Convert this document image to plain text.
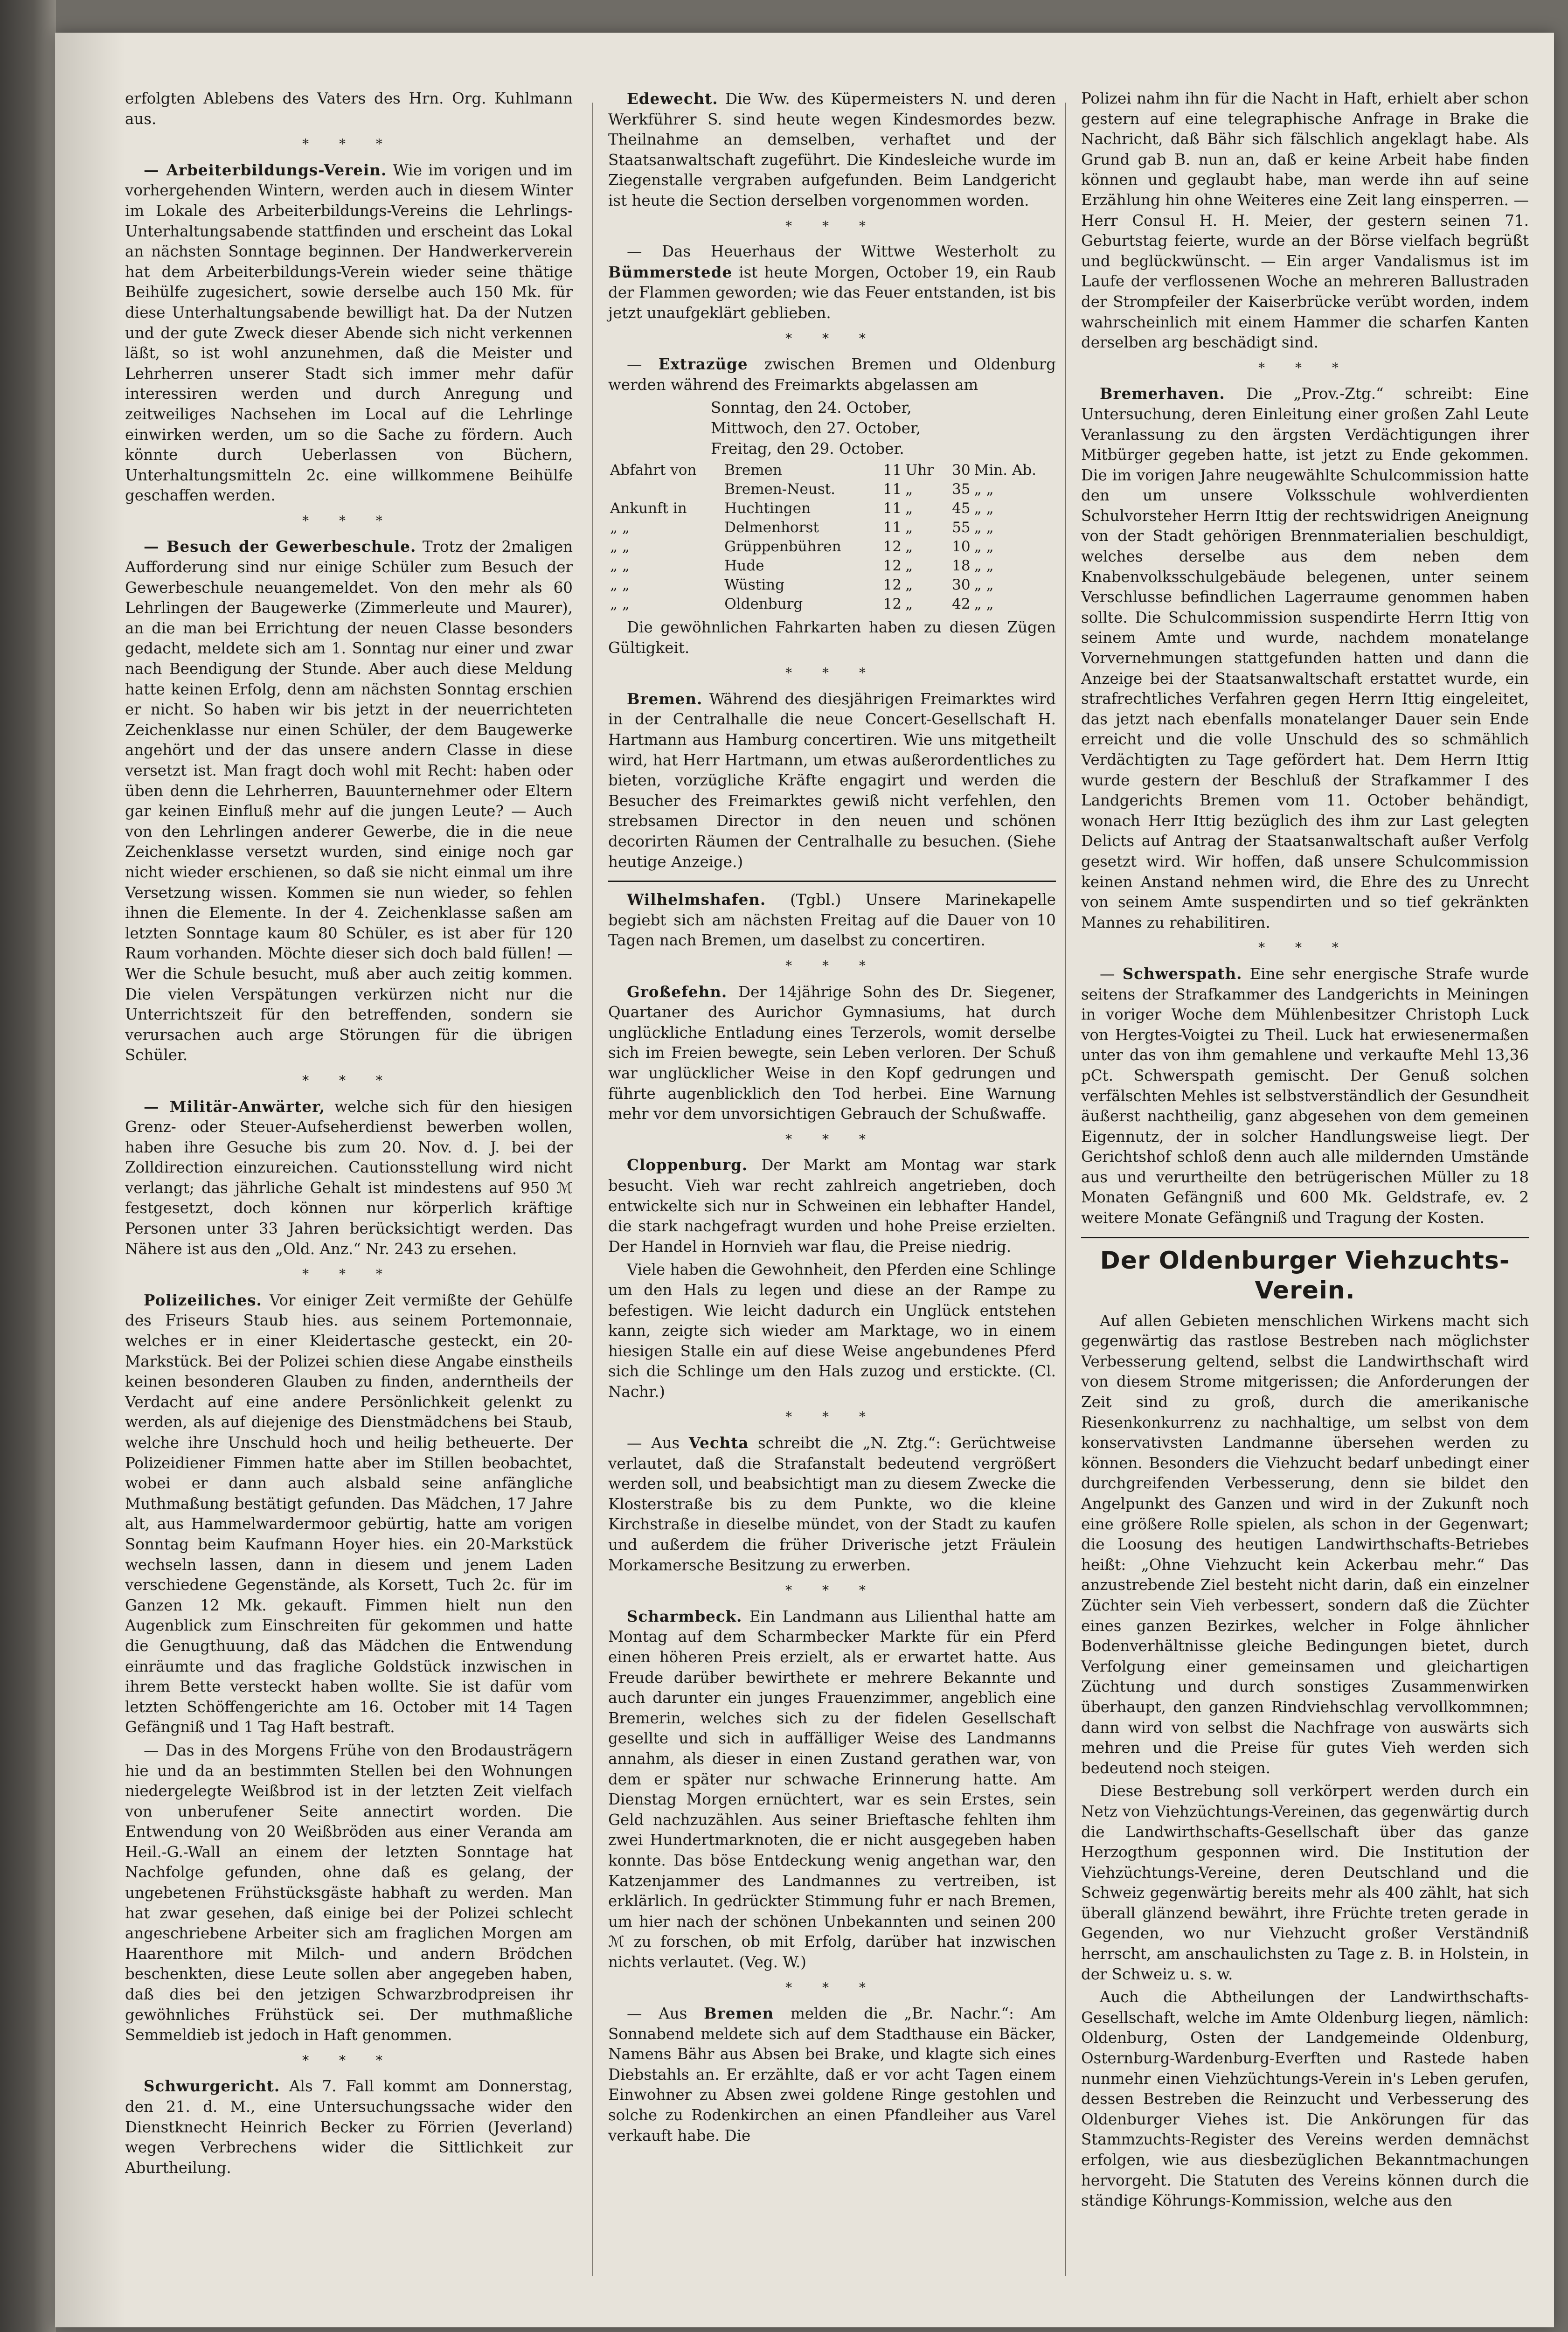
erfolgten Ablebens des Vaters des Hrn. Org. Kuhlmann aus.

* * *

— Arbeiterbildungs-Verein. Wie im vorigen und im vorhergehenden Wintern, werden auch in diesem Winter im Lokale des Arbeiterbildungs-Vereins die Lehrlings-Unterhaltungsabende stattfinden und erscheint das Lokal an nächsten Sonntage beginnen. Der Handwerkerverein hat dem Arbeiterbildungs-Verein wieder seine thätige Beihülfe zugesichert, sowie derselbe auch 150 Mk. für diese Unterhaltungsabende bewilligt hat. Da der Nutzen und der gute Zweck dieser Abende sich nicht verkennen läßt, so ist wohl anzunehmen, daß die Meister und Lehrherren unserer Stadt sich immer mehr dafür interessiren werden und durch Anregung und zeitweiliges Nachsehen im Local auf die Lehrlinge einwirken werden, um so die Sache zu fördern. Auch könnte durch Ueberlassen von Büchern, Unterhaltungsmitteln 2c. eine willkommene Beihülfe geschaffen werden.

* * *

— Besuch der Gewerbeschule. Trotz der 2maligen Aufforderung sind nur einige Schüler zum Besuch der Gewerbeschule neuangemeldet. Von den mehr als 60 Lehrlingen der Baugewerke (Zimmerleute und Maurer), an die man bei Errichtung der neuen Classe besonders gedacht, meldete sich am 1. Sonntag nur einer und zwar nach Beendigung der Stunde. Aber auch diese Meldung hatte keinen Erfolg, denn am nächsten Sonntag erschien er nicht. So haben wir bis jetzt in der neuerrichteten Zeichenklasse nur einen Schüler, der dem Baugewerke angehört und der das unsere andern Classe in diese versetzt ist. Man fragt doch wohl mit Recht: haben oder üben denn die Lehrherren, Bauunternehmer oder Eltern gar keinen Einfluß mehr auf die jungen Leute? — Auch von den Lehrlingen anderer Gewerbe, die in die neue Zeichenklasse versetzt wurden, sind einige noch gar nicht wieder erschienen, so daß sie nicht einmal um ihre Versetzung wissen. Kommen sie nun wieder, so fehlen ihnen die Elemente. In der 4. Zeichenklasse saßen am letzten Sonntage kaum 80 Schüler, es ist aber für 120 Raum vorhanden. Möchte dieser sich doch bald füllen! — Wer die Schule besucht, muß aber auch zeitig kommen. Die vielen Verspätungen verkürzen nicht nur die Unterrichtszeit für den betreffenden, sondern sie verursachen auch arge Störungen für die übrigen Schüler.

* * *

— Militär-Anwärter, welche sich für den hiesigen Grenz- oder Steuer-Aufseherdienst bewerben wollen, haben ihre Gesuche bis zum 20. Nov. d. J. bei der Zolldirection einzureichen. Cautionsstellung wird nicht verlangt; das jährliche Gehalt ist mindestens auf 950 ℳ festgesetzt, doch können nur körperlich kräftige Personen unter 33 Jahren berücksichtigt werden. Das Nähere ist aus den „Old. Anz.“ Nr. 243 zu ersehen.

* * *

Polizeiliches. Vor einiger Zeit vermißte der Gehülfe des Friseurs Staub hies. aus seinem Portemonnaie, welches er in einer Kleidertasche gesteckt, ein 20-Markstück. Bei der Polizei schien diese Angabe einstheils keinen besonderen Glauben zu finden, anderntheils der Verdacht auf eine andere Persönlichkeit gelenkt zu werden, als auf diejenige des Dienstmädchens bei Staub, welche ihre Unschuld hoch und heilig betheuerte. Der Polizeidiener Fimmen hatte aber im Stillen beobachtet, wobei er dann auch alsbald seine anfängliche Muthmaßung bestätigt gefunden. Das Mädchen, 17 Jahre alt, aus Hammelwardermoor gebürtig, hatte am vorigen Sonntag beim Kaufmann Hoyer hies. ein 20-Markstück wechseln lassen, dann in diesem und jenem Laden verschiedene Gegenstände, als Korsett, Tuch 2c. für im Ganzen 12 Mk. gekauft. Fimmen hielt nun den Augenblick zum Einschreiten für gekommen und hatte die Genugthuung, daß das Mädchen die Entwendung einräumte und das fragliche Goldstück inzwischen in ihrem Bette versteckt haben wollte. Sie ist dafür vom letzten Schöffengerichte am 16. October mit 14 Tagen Gefängniß und 1 Tag Haft bestraft.

— Das in des Morgens Frühe von den Brodausträgern hie und da an bestimmten Stellen bei den Wohnungen niedergelegte Weißbrod ist in der letzten Zeit vielfach von unberufener Seite annectirt worden. Die Entwendung von 20 Weißbröden aus einer Veranda am Heil.-G.-Wall an einem der letzten Sonntage hat Nachfolge gefunden, ohne daß es gelang, der ungebetenen Frühstücksgäste habhaft zu werden. Man hat zwar gesehen, daß einige bei der Polizei schlecht angeschriebene Arbeiter sich am fraglichen Morgen am Haarenthore mit Milch- und andern Brödchen beschenkten, diese Leute sollen aber angegeben haben, daß dies bei den jetzigen Schwarzbrodpreisen ihr gewöhnliches Frühstück sei. Der muthmaßliche Semmeldieb ist jedoch in Haft genommen.

* * *

Schwurgericht. Als 7. Fall kommt am Donnerstag, den 21. d. M., eine Untersuchungssache wider den Dienstknecht Heinrich Becker zu Förrien (Jeverland) wegen Verbrechens wider die Sittlichkeit zur Aburtheilung.

Edewecht. Die Ww. des Küpermeisters N. und deren Werkführer S. sind heute wegen Kindesmordes bezw. Theilnahme an demselben, verhaftet und der Staatsanwaltschaft zugeführt. Die Kindesleiche wurde im Ziegenstalle vergraben aufgefunden. Beim Landgericht ist heute die Section derselben vorgenommen worden.

* * *

— Das Heuerhaus der Wittwe Westerholt zu Bümmerstede ist heute Morgen, October 19, ein Raub der Flammen geworden; wie das Feuer entstanden, ist bis jetzt unaufgeklärt geblieben.

* * *

— Extrazüge zwischen Bremen und Oldenburg werden während des Freimarkts abgelassen am

Sonntag, den 24. October,

Mittwoch, den 27. October,

Freitag, den 29. October.

Abfahrt von	Bremen	11	Uhr	30	Min. Ab.
	Bremen-Neust.	11	„	35	„ „
Ankunft in	Huchtingen	11	„	45	„ „
„ „	Delmenhorst	11	„	55	„ „
„ „	Grüppenbühren	12	„	10	„ „
„ „	Hude	12	„	18	„ „
„ „	Wüsting	12	„	30	„ „
„ „	Oldenburg	12	„	42	„ „

Die gewöhnlichen Fahrkarten haben zu diesen Zügen Gültigkeit.

* * *

Bremen. Während des diesjährigen Freimarktes wird in der Centralhalle die neue Concert-Gesellschaft H. Hartmann aus Hamburg concertiren. Wie uns mitgetheilt wird, hat Herr Hartmann, um etwas außerordentliches zu bieten, vorzügliche Kräfte engagirt und werden die Besucher des Freimarktes gewiß nicht verfehlen, den strebsamen Director in den neuen und schönen decorirten Räumen der Centralhalle zu besuchen. (Siehe heutige Anzeige.)

Wilhelmshafen. (Tgbl.) Unsere Marinekapelle begiebt sich am nächsten Freitag auf die Dauer von 10 Tagen nach Bremen, um daselbst zu concertiren.

* * *

Großefehn. Der 14jährige Sohn des Dr. Siegener, Quartaner des Aurichor Gymnasiums, hat durch unglückliche Entladung eines Terzerols, womit derselbe sich im Freien bewegte, sein Leben verloren. Der Schuß war unglücklicher Weise in den Kopf gedrungen und führte augenblicklich den Tod herbei. Eine Warnung mehr vor dem unvorsichtigen Gebrauch der Schußwaffe.

* * *

Cloppenburg. Der Markt am Montag war stark besucht. Vieh war recht zahlreich angetrieben, doch entwickelte sich nur in Schweinen ein lebhafter Handel, die stark nachgefragt wurden und hohe Preise erzielten. Der Handel in Hornvieh war flau, die Preise niedrig.

Viele haben die Gewohnheit, den Pferden eine Schlinge um den Hals zu legen und diese an der Rampe zu befestigen. Wie leicht dadurch ein Unglück entstehen kann, zeigte sich wieder am Marktage, wo in einem hiesigen Stalle ein auf diese Weise angebundenes Pferd sich die Schlinge um den Hals zuzog und erstickte. (Cl. Nachr.)

* * *

— Aus Vechta schreibt die „N. Ztg.“: Gerüchtweise verlautet, daß die Strafanstalt bedeutend vergrößert werden soll, und beabsichtigt man zu diesem Zwecke die Klosterstraße bis zu dem Punkte, wo die kleine Kirchstraße in dieselbe mündet, von der Stadt zu kaufen und außerdem die früher Driverische jetzt Fräulein Morkamersche Besitzung zu erwerben.

* * *

Scharmbeck. Ein Landmann aus Lilienthal hatte am Montag auf dem Scharmbecker Markte für ein Pferd einen höheren Preis erzielt, als er erwartet hatte. Aus Freude darüber bewirthete er mehrere Bekannte und auch darunter ein junges Frauenzimmer, angeblich eine Bremerin, welches sich zu der fidelen Gesellschaft gesellte und sich in auffälliger Weise des Landmanns annahm, als dieser in einen Zustand gerathen war, von dem er später nur schwache Erinnerung hatte. Am Dienstag Morgen ernüchtert, war es sein Erstes, sein Geld nachzuzählen. Aus seiner Brieftasche fehlten ihm zwei Hundertmarknoten, die er nicht ausgegeben haben konnte. Das böse Entdeckung wenig angethan war, den Katzenjammer des Landmannes zu vertreiben, ist erklärlich. In gedrückter Stimmung fuhr er nach Bremen, um hier nach der schönen Unbekannten und seinen 200 ℳ zu forschen, ob mit Erfolg, darüber hat inzwischen nichts verlautet. (Veg. W.)

* * *

— Aus Bremen melden die „Br. Nachr.“: Am Sonnabend meldete sich auf dem Stadthause ein Bäcker, Namens Bähr aus Absen bei Brake, und klagte sich eines Diebstahls an. Er erzählte, daß er vor acht Tagen einem Einwohner zu Absen zwei goldene Ringe gestohlen und solche zu Rodenkirchen an einen Pfandleiher aus Varel verkauft habe. Die

Polizei nahm ihn für die Nacht in Haft, erhielt aber schon gestern auf eine telegraphische Anfrage in Brake die Nachricht, daß Bähr sich fälschlich angeklagt habe. Als Grund gab B. nun an, daß er keine Arbeit habe finden können und geglaubt habe, man werde ihn auf seine Erzählung hin ohne Weiteres eine Zeit lang einsperren. — Herr Consul H. H. Meier, der gestern seinen 71. Geburtstag feierte, wurde an der Börse vielfach begrüßt und beglückwünscht. — Ein arger Vandalismus ist im Laufe der verflossenen Woche an mehreren Ballustraden der Strompfeiler der Kaiserbrücke verübt worden, indem wahrscheinlich mit einem Hammer die scharfen Kanten derselben arg beschädigt sind.

* * *

Bremerhaven. Die „Prov.-Ztg.“ schreibt: Eine Untersuchung, deren Einleitung einer großen Zahl Leute Veranlassung zu den ärgsten Verdächtigungen ihrer Mitbürger gegeben hatte, ist jetzt zu Ende gekommen. Die im vorigen Jahre neugewählte Schulcommission hatte den um unsere Volksschule wohlverdienten Schulvorsteher Herrn Ittig der rechtswidrigen Aneignung von der Stadt gehörigen Brennmaterialien beschuldigt, welches derselbe aus dem neben dem Knabenvolksschulgebäude belegenen, unter seinem Verschlusse befindlichen Lagerraume genommen haben sollte. Die Schulcommission suspendirte Herrn Ittig von seinem Amte und wurde, nachdem monatelange Vorvernehmungen stattgefunden hatten und dann die Anzeige bei der Staatsanwaltschaft erstattet wurde, ein strafrechtliches Verfahren gegen Herrn Ittig eingeleitet, das jetzt nach ebenfalls monatelanger Dauer sein Ende erreicht und die volle Unschuld des so schmählich Verdächtigten zu Tage gefördert hat. Dem Herrn Ittig wurde gestern der Beschluß der Strafkammer I des Landgerichts Bremen vom 11. October behändigt, wonach Herr Ittig bezüglich des ihm zur Last gelegten Delicts auf Antrag der Staatsanwaltschaft außer Verfolg gesetzt wird. Wir hoffen, daß unsere Schulcommission keinen Anstand nehmen wird, die Ehre des zu Unrecht von seinem Amte suspendirten und so tief gekränkten Mannes zu rehabilitiren.

* * *

— Schwerspath. Eine sehr energische Strafe wurde seitens der Strafkammer des Landgerichts in Meiningen in voriger Woche dem Mühlenbesitzer Christoph Luck von Hergtes-Voigtei zu Theil. Luck hat erwiesenermaßen unter das von ihm gemahlene und verkaufte Mehl 13,36 pCt. Schwerspath gemischt. Der Genuß solchen verfälschten Mehles ist selbstverständlich der Gesundheit äußerst nachtheilig, ganz abgesehen von dem gemeinen Eigennutz, der in solcher Handlungsweise liegt. Der Gerichtshof schloß denn auch alle mildernden Umstände aus und verurtheilte den betrügerischen Müller zu 18 Monaten Gefängniß und 600 Mk. Geldstrafe, ev. 2 weitere Monate Gefängniß und Tragung der Kosten.

Der Oldenburger Viehzuchts-Verein.

Auf allen Gebieten menschlichen Wirkens macht sich gegenwärtig das rastlose Bestreben nach möglichster Verbesserung geltend, selbst die Landwirthschaft wird von diesem Strome mitgerissen; die Anforderungen der Zeit sind zu groß, durch die amerikanische Riesenkonkurrenz zu nachhaltige, um selbst von dem konservativsten Landmanne übersehen werden zu können. Besonders die Viehzucht bedarf unbedingt einer durchgreifenden Verbesserung, denn sie bildet den Angelpunkt des Ganzen und wird in der Zukunft noch eine größere Rolle spielen, als schon in der Gegenwart; die Loosung des heutigen Landwirthschafts-Betriebes heißt: „Ohne Viehzucht kein Ackerbau mehr.“ Das anzustrebende Ziel besteht nicht darin, daß ein einzelner Züchter sein Vieh verbessert, sondern daß die Züchter eines ganzen Bezirkes, welcher in Folge ähnlicher Bodenverhältnisse gleiche Bedingungen bietet, durch Verfolgung einer gemeinsamen und gleichartigen Züchtung und durch sonstiges Zusammenwirken überhaupt, den ganzen Rindviehschlag vervollkommnen; dann wird von selbst die Nachfrage von auswärts sich mehren und die Preise für gutes Vieh werden sich bedeutend noch steigen.

Diese Bestrebung soll verkörpert werden durch ein Netz von Viehzüchtungs-Vereinen, das gegenwärtig durch die Landwirthschafts-Gesellschaft über das ganze Herzogthum gesponnen wird. Die Institution der Viehzüchtungs-Vereine, deren Deutschland und die Schweiz gegenwärtig bereits mehr als 400 zählt, hat sich überall glänzend bewährt, ihre Früchte treten gerade in Gegenden, wo nur Viehzucht großer Verständniß herrscht, am anschaulichsten zu Tage z. B. in Holstein, in der Schweiz u. s. w.

Auch die Abtheilungen der Landwirthschafts-Gesellschaft, welche im Amte Oldenburg liegen, nämlich: Oldenburg, Osten der Landgemeinde Oldenburg, Osternburg-Wardenburg-Everften und Rastede haben nunmehr einen Viehzüchtungs-Verein in's Leben gerufen, dessen Bestreben die Reinzucht und Verbesserung des Oldenburger Viehes ist. Die Ankörungen für das Stammzuchts-Register des Vereins werden demnächst erfolgen, wie aus diesbezüglichen Bekanntmachungen hervorgeht. Die Statuten des Vereins können durch die ständige Köhrungs-Kommission, welche aus den
